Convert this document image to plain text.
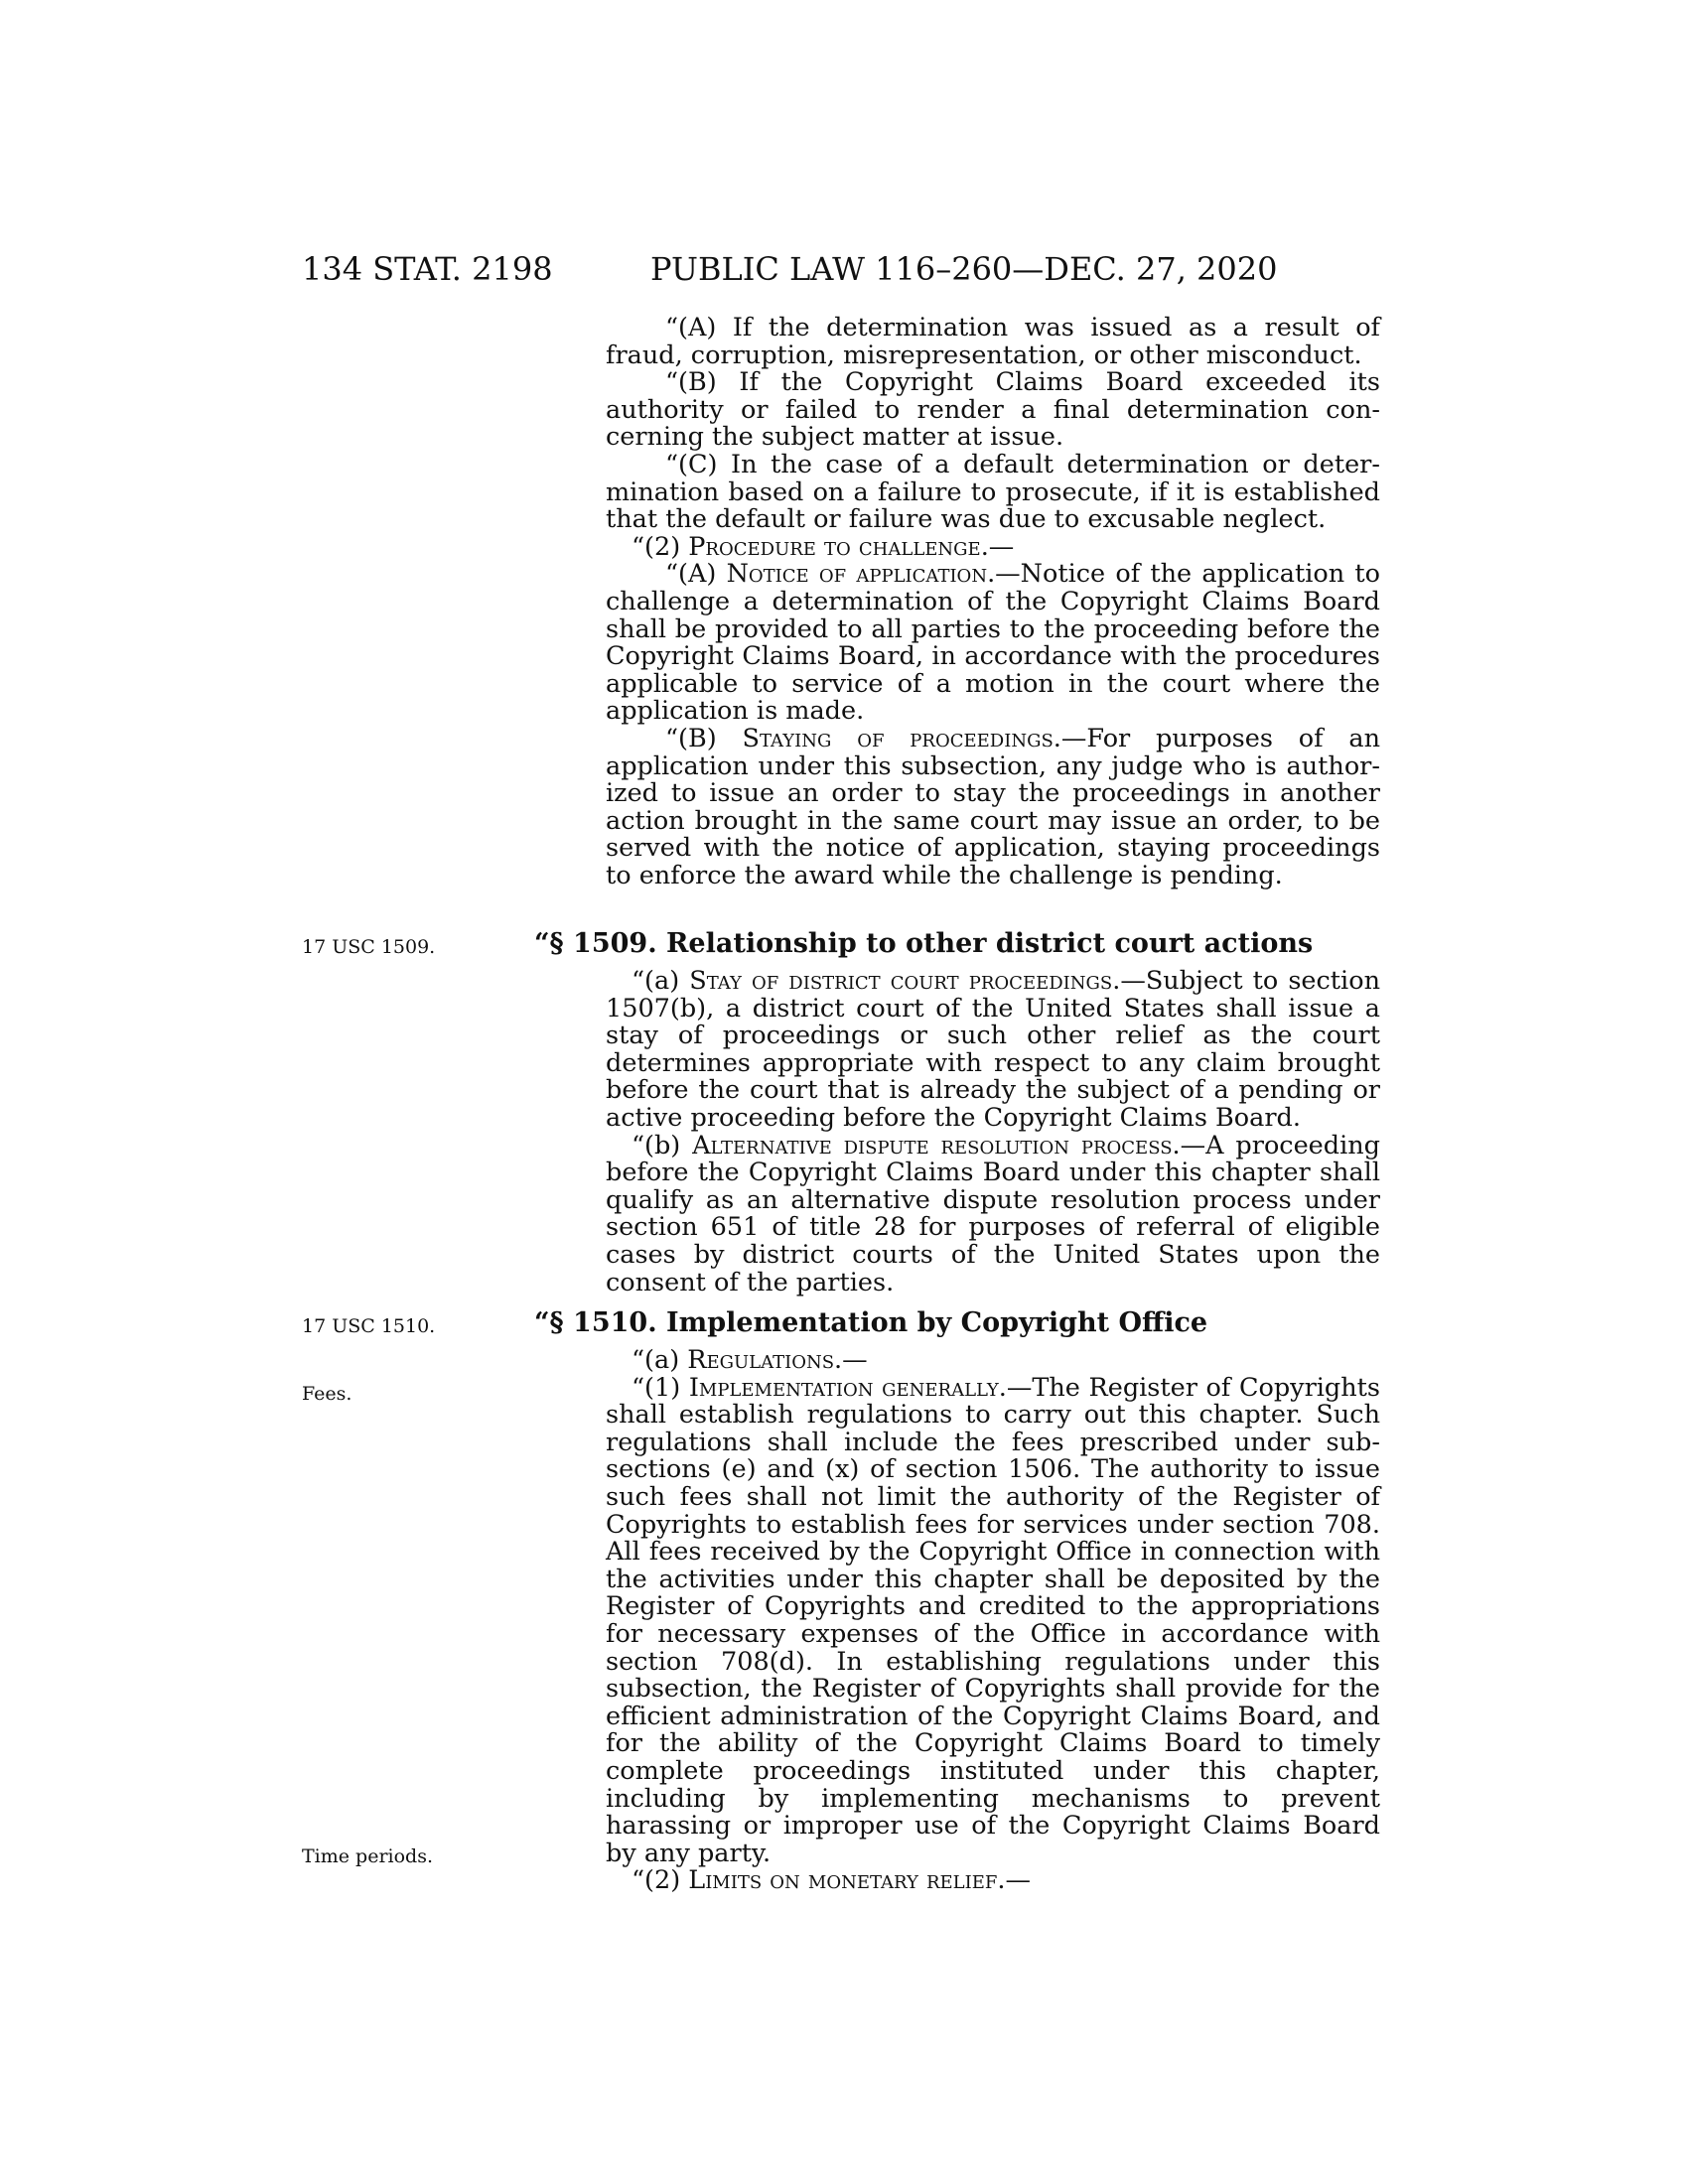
134 STAT. 2198	PUBLIC LAW 116–260—DEC. 27, 2020

“(A) If the determination was issued as a result of fraud, corruption, misrepresentation, or other misconduct.

“(B) If the Copyright Claims Board exceeded its authority or failed to render a final determination concerning the subject matter at issue.

“(C) In the case of a default determination or determination based on a failure to prosecute, if it is established that the default or failure was due to excusable neglect.

“(2) Procedure to challenge.—

“(A) Notice of application.—Notice of the application to challenge a determination of the Copyright Claims Board shall be provided to all parties to the proceeding before the Copyright Claims Board, in accordance with the procedures applicable to service of a motion in the court where the application is made.

“(B) Staying of proceedings.—For purposes of an application under this subsection, any judge who is authorized to issue an order to stay the proceedings in another action brought in the same court may issue an order, to be served with the notice of application, staying proceedings to enforce the award while the challenge is pending.

17 USC 1509.	“§ 1509. Relationship to other district court actions

“(a) Stay of district court proceedings.—Subject to section 1507(b), a district court of the United States shall issue a stay of proceedings or such other relief as the court determines appropriate with respect to any claim brought before the court that is already the subject of a pending or active proceeding before the Copyright Claims Board.

“(b) Alternative dispute resolution process.—A proceeding before the Copyright Claims Board under this chapter shall qualify as an alternative dispute resolution process under section 651 of title 28 for purposes of referral of eligible cases by district courts of the United States upon the consent of the parties.

17 USC 1510.	“§ 1510. Implementation by Copyright Office
Fees.
Time periods.

“(a) Regulations.—

“(1) Implementation generally.—The Register of Copyrights shall establish regulations to carry out this chapter. Such regulations shall include the fees prescribed under subsections (e) and (x) of section 1506. The authority to issue such fees shall not limit the authority of the Register of Copyrights to establish fees for services under section 708. All fees received by the Copyright Office in connection with the activities under this chapter shall be deposited by the Register of Copyrights and credited to the appropriations for necessary expenses of the Office in accordance with section 708(d). In establishing regulations under this subsection, the Register of Copyrights shall provide for the efficient administration of the Copyright Claims Board, and for the ability of the Copyright Claims Board to timely complete proceedings instituted under this chapter, including by implementing mechanisms to prevent harassing or improper use of the Copyright Claims Board by any party.

“(2) Limits on monetary relief.—
